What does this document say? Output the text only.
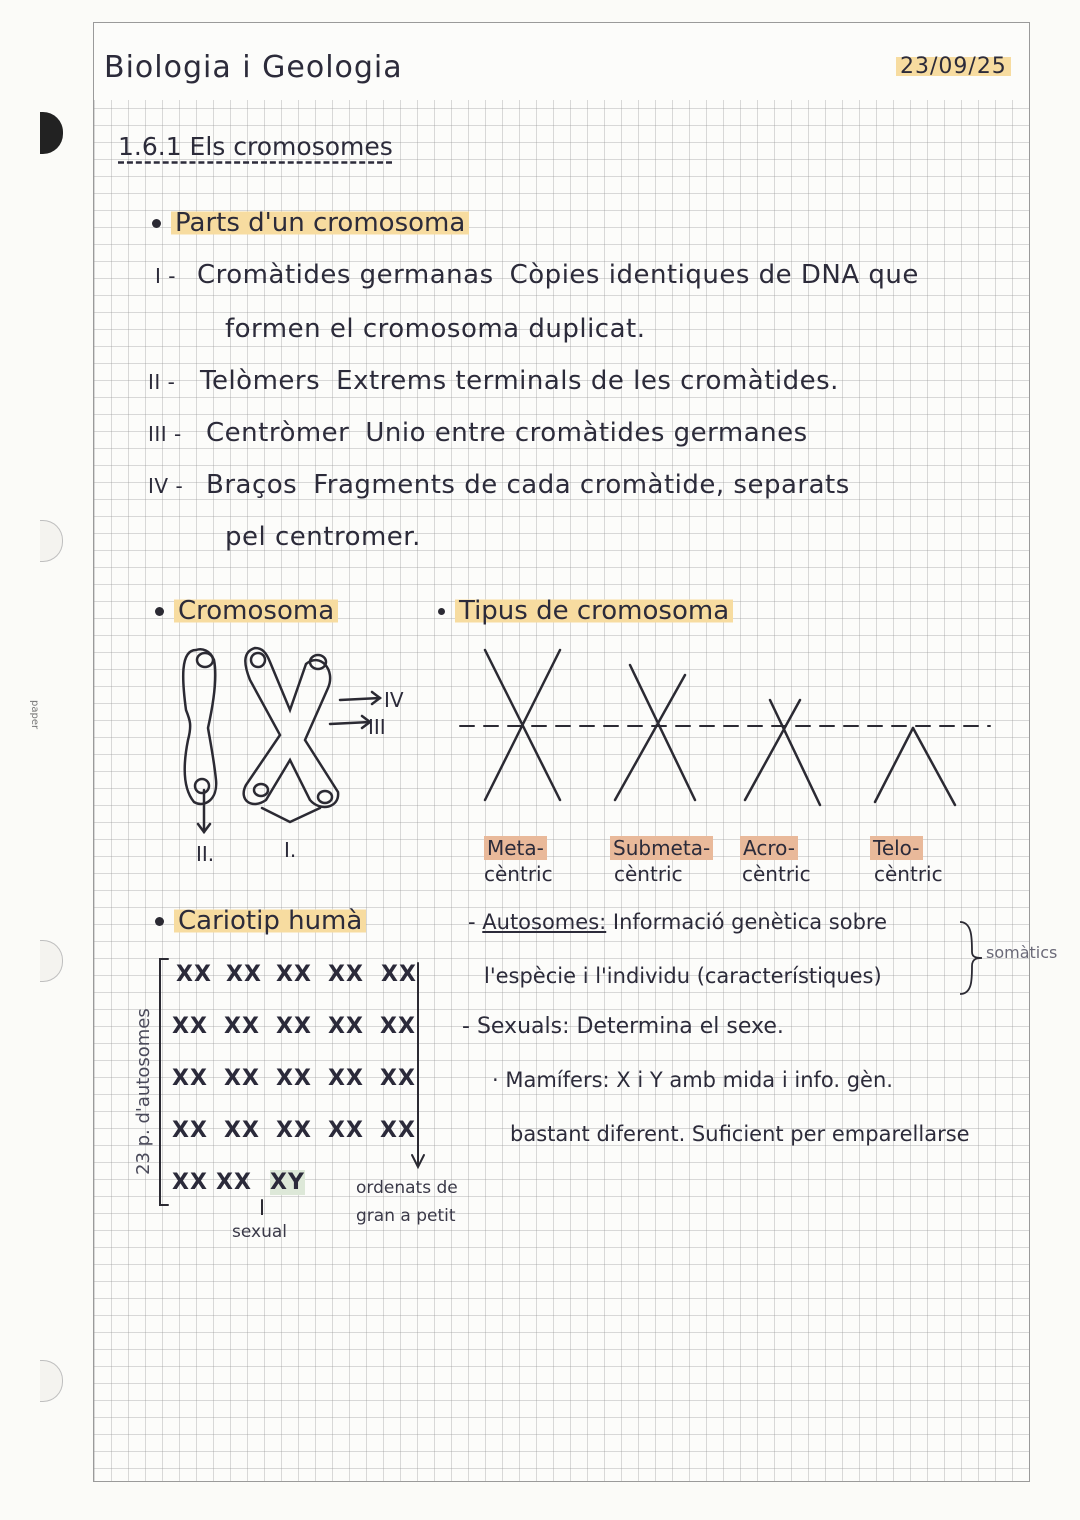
paper
Biologia i Geologia	23/09/25
1.6.1 Els cromosomes
Parts d'un cromosoma
I - Cromàtides germanas Còpies identiques de DNA que
formen el cromosoma duplicat.
II - Telòmers Extrems terminals de les cromàtides.
III - Centròmer Unio entre cromàtides germanes
IV - Braços Fragments de cada cromàtide, separats
pel centromer.
Cromosoma
IV
III
II.	I.
Tipus de cromosoma
Meta-
cèntric
Submeta-
cèntric
Acro-
cèntric
Telo-
cèntric
Cariotip humà
23 p. d'autosomes
XX XX XX XX XX
XX XX XX XX XX
XX XX XX XX XX
XX XX XX XX XX
XX XX XY
sexual
ordenats de
gran a petit
- Autosomes: Informació genètica sobre
l'espècie i l'individu (característiques)
somàtics
- Sexuals: Determina el sexe.
· Mamífers: X i Y amb mida i info. gèn.
bastant diferent. Suficient per emparellarse
